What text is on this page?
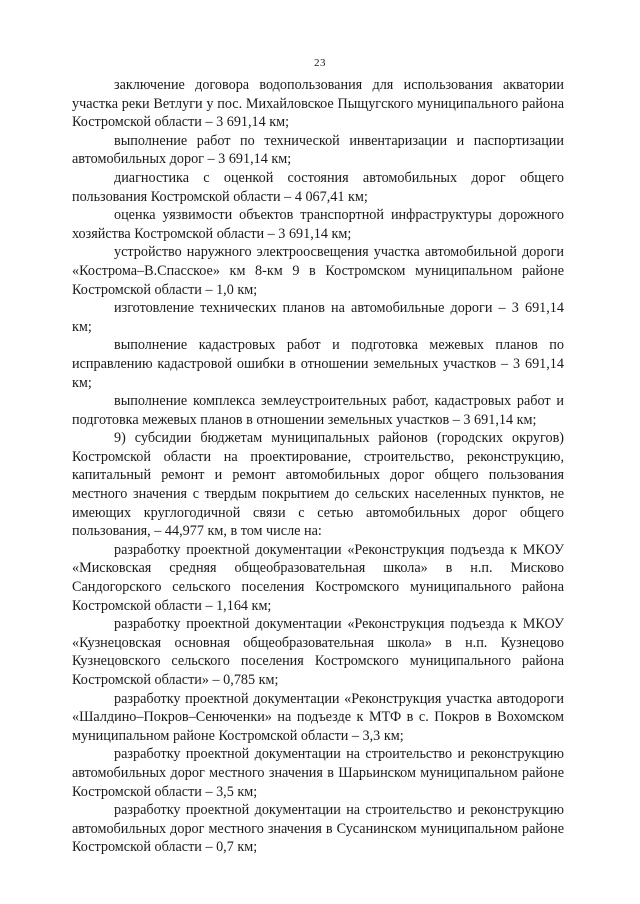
23

заключение договора водопользования для использования акватории участка реки Ветлуги у пос. Михайловское Пыщугского муниципального района Костромской области – 3 691,14 км;

выполнение работ по технической инвентаризации и паспортизации автомобильных дорог – 3 691,14 км;

диагностика с оценкой состояния автомобильных дорог общего пользования Костромской области – 4 067,41 км;

оценка уязвимости объектов транспортной инфраструктуры дорожного хозяйства Костромской области – 3 691,14 км;

устройство наружного электроосвещения участка автомобильной дороги «Кострома–В.Спасское» км 8-км 9 в Костромском муниципальном районе Костромской области – 1,0 км;

изготовление технических планов на автомобильные дороги – 3 691,14 км;

выполнение кадастровых работ и подготовка межевых планов по исправлению кадастровой ошибки в отношении земельных участков – 3 691,14 км;

выполнение комплекса землеустроительных работ, кадастровых работ и подготовка межевых планов в отношении земельных участков – 3 691,14 км;

9) субсидии бюджетам муниципальных районов (городских округов) Костромской области на проектирование, строительство, реконструкцию, капитальный ремонт и ремонт автомобильных дорог общего пользования местного значения с твердым покрытием до сельских населенных пунктов, не имеющих круглогодичной связи с сетью автомобильных дорог общего пользования, – 44,977 км, в том числе на:

разработку проектной документации «Реконструкция подъезда к МКОУ «Мисковская средняя общеобразовательная школа» в н.п. Мисково Сандогорского сельского поселения Костромского муниципального района Костромской области – 1,164 км;

разработку проектной документации «Реконструкция подъезда к МКОУ «Кузнецовская основная общеобразовательная школа» в н.п. Кузнецово Кузнецовского сельского поселения Костромского муниципального района Костромской области» – 0,785 км;

разработку проектной документации «Реконструкция участка автодороги «Шалдино–Покров–Сенюченки» на подъезде к МТФ в с. Покров в Вохомском муниципальном районе Костромской области – 3,3 км;

разработку проектной документации на строительство и реконструкцию автомобильных дорог местного значения в Шарьинском муниципальном районе Костромской области – 3,5 км;

разработку проектной документации на строительство и реконструкцию автомобильных дорог местного значения в Сусанинском муниципальном районе Костромской области – 0,7 км;
